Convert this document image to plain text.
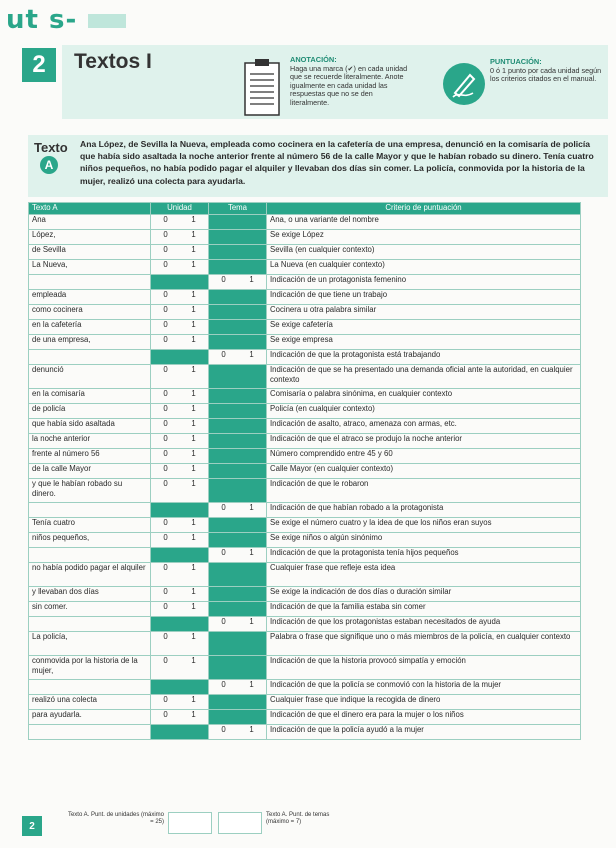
ut s-
2	Textos I	ANOTACIÓN:
Haga una marca (✔) en cada unidad que se recuerde literalmente. Anote igualmente en cada unidad las respuestas que no se den literalmente.
PUNTUACIÓN:
0 ó 1 punto por cada unidad según los criterios citados en el manual.
Texto
A
Ana López, de Sevilla la Nueva, empleada como cocinera en la cafetería de una empresa, denunció en la comisaría de policía que había sido asaltada la noche anterior frente al número 56 de la calle Mayor y que le habían robado su dinero. Tenía cuatro niños pequeños, no había podido pagar el alquiler y llevaban dos días sin comer. La policía, conmovida por la historia de la mujer, realizó una colecta para ayudarla.
Texto A	Unidad	Tema	Criterio de puntuación
Ana	0 1		Ana, o una variante del nombre
López,	0 1		Se exige López
de Sevilla	0 1		Sevilla (en cualquier contexto)
La Nueva,	0 1		La Nueva (en cualquier contexto)

		0 1	Indicación de un protagonista femenino
empleada	0 1		Indicación de que tiene un trabajo
como cocinera	0 1		Cocinera u otra palabra similar
en la cafetería	0 1		Se exige cafetería
de una empresa,	0 1		Se exige empresa

		0 1	Indicación de que la protagonista está trabajando
denunció	0 1		Indicación de que se ha presentado una demanda oficial ante la autoridad, en cualquier contexto
en la comisaría	0 1		Comisaría o palabra sinónima, en cualquier contexto
de policía	0 1		Policía (en cualquier contexto)
que había sido asaltada	0 1		Indicación de asalto, atraco, amenaza con armas, etc.
la noche anterior	0 1		Indicación de que el atraco se produjo la noche anterior
frente al número 56	0 1		Número comprendido entre 45 y 60
de la calle Mayor	0 1		Calle Mayor (en cualquier contexto)
y que le habían robado su dinero.	0 1		Indicación de que le robaron

		0 1	Indicación de que habían robado a la protagonista
Tenía cuatro	0 1		Se exige el número cuatro y la idea de que los niños eran suyos
niños pequeños,	0 1		Se exige niños o algún sinónimo

		0 1	Indicación de que la protagonista tenía hijos pequeños
no había podido pagar el alquiler	0 1		Cualquier frase que refleje esta idea
y llevaban dos días	0 1		Se exige la indicación de dos días o duración similar
sin comer.	0 1		Indicación de que la familia estaba sin comer

		0 1	Indicación de que los protagonistas estaban necesitados de ayuda
La policía,	0 1		Palabra o frase que signifique uno o más miembros de la policía, en cualquier contexto
conmovida por la historia de la mujer,	0 1		Indicación de que la historia provocó simpatía y emoción

		0 1	Indicación de que la policía se conmovió con la historia de la mujer
realizó una colecta	0 1		Cualquier frase que indique la recogida de dinero
para ayudarla.	0 1		Indicación de que el dinero era para la mujer o los niños

		0 1	Indicación de que la policía ayudó a la mujer
2
Texto A. Punt. de unidades (máximo = 25)
Texto A. Punt. de temas (máximo = 7)
